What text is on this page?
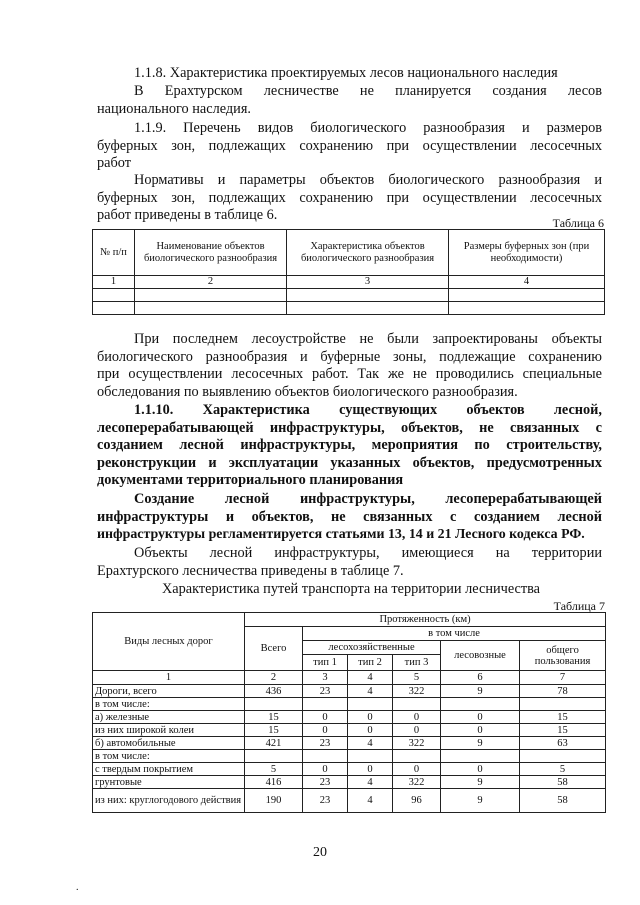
1.1.8. Характеристика проектируемых лесов национального наследия
В Ерахтурском лесничестве не планируется создания лесов
национального наследия.
1.1.9. Перечень видов биологического разнообразия и размеров
буферных зон, подлежащих сохранению при осуществлении лесосечных
работ
Нормативы и параметры объектов биологического разнообразия и
буферных зон, подлежащих сохранению при осуществлении лесосечных
работ приведены в таблице 6.	Таблица 6
№ п/п	Наименование объектов биологического разнообразия	Характеристика объектов биологического разнообразия	Размеры буферных зон (при необходимости)
1	2	3	4

При последнем лесоустройстве не были запроектированы объекты
биологического разнообразия и буферные зоны, подлежащие сохранению
при осуществлении лесосечных работ. Так же не проводились специальные
обследования по выявлению объектов биологического разнообразия.
1.1.10. Характеристика существующих объектов лесной,
лесоперерабатывающей инфраструктуры, объектов, не связанных с
созданием лесной инфраструктуры, мероприятия по строительству,
реконструкции и эксплуатации указанных объектов, предусмотренных
документами территориального планирования
Создание лесной инфраструктуры, лесоперерабатывающей
инфраструктуры и объектов, не связанных с созданием лесной
инфраструктуры регламентируется статьями 13, 14 и 21 Лесного кодекса РФ.
Объекты лесной инфраструктуры, имеющиеся на территории
Ерахтурского лесничества приведены в таблице 7.
Характеристика путей транспорта на территории лесничества
Таблица 7
Виды лесных дорог	Протяженность (км)					
	Всего	в том числе				
		лесохозяйственные			лесовозные	общего пользования
		тип 1	тип 2	тип 3		
1	2	3	4	5	6	7
Дороги, всего	436	23	4	322	9	78
в том числе:						
а) железные	15	0	0	0	0	15
из них широкой колеи	15	0	0	0	0	15
б) автомобильные	421	23	4	322	9	63
в том числе:						
с твердым покрытием	5	0	0	0	0	5
грунтовые	416	23	4	322	9	58
из них: круглогодового действия	190	23	4	96	9	58
20
.
